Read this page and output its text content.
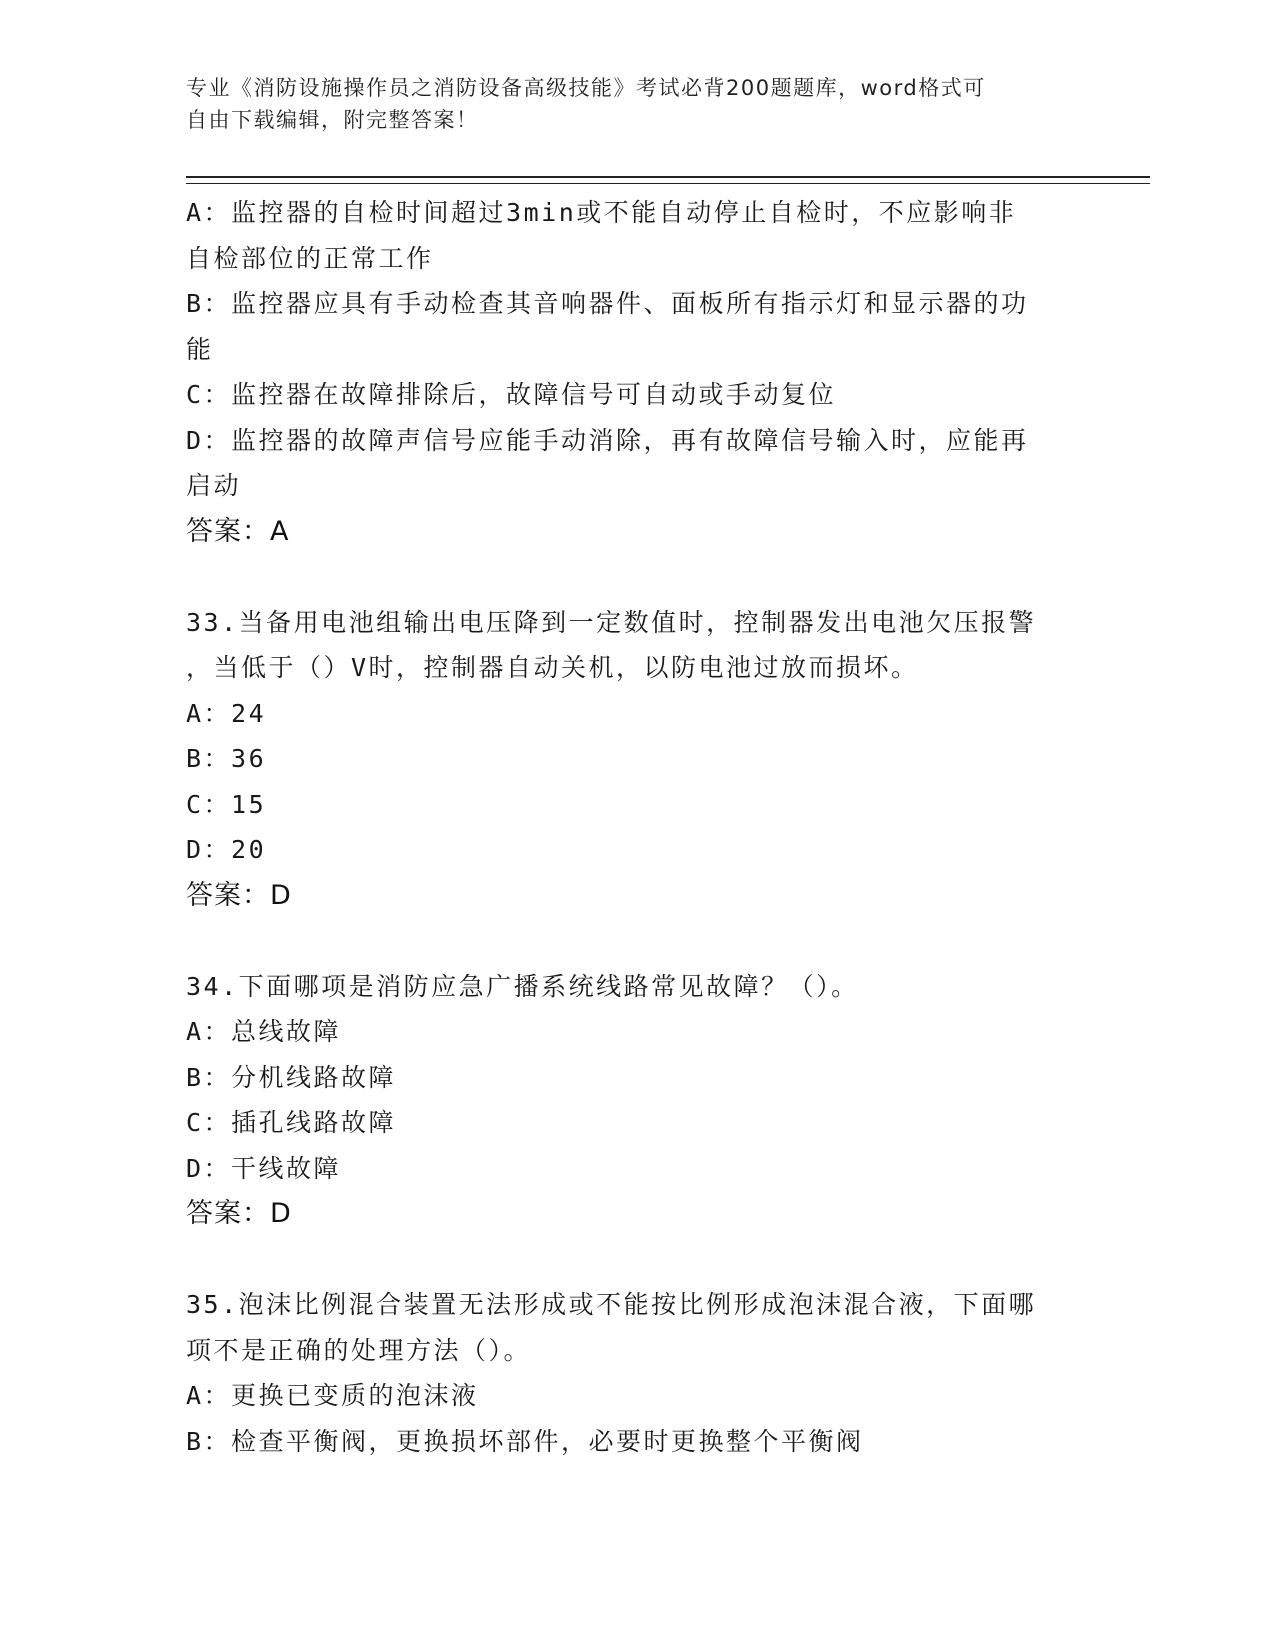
专业《消防设施操作员之消防设备高级技能》考试必背200题题库，word格式可
自由下载编辑，附完整答案！
A：监控器的自检时间超过3min或不能自动停止自检时，不应影响非
自检部位的正常工作
B：监控器应具有手动检查其音响器件、面板所有指示灯和显示器的功
能
C：监控器在故障排除后，故障信号可自动或手动复位
D：监控器的故障声信号应能手动消除，再有故障信号输入时，应能再
启动
答案：A
33.当备用电池组输出电压降到一定数值时，控制器发出电池欠压报警
，当低于（）V时，控制器自动关机，以防电池过放而损坏。
A：24
B：36
C：15
D：20
答案：D
34.下面哪项是消防应急广播系统线路常见故障？（）。
A：总线故障
B：分机线路故障
C：插孔线路故障
D：干线故障
答案：D
35.泡沫比例混合装置无法形成或不能按比例形成泡沫混合液，下面哪
项不是正确的处理方法（）。
A：更换已变质的泡沫液
B：检查平衡阀，更换损坏部件，必要时更换整个平衡阀
